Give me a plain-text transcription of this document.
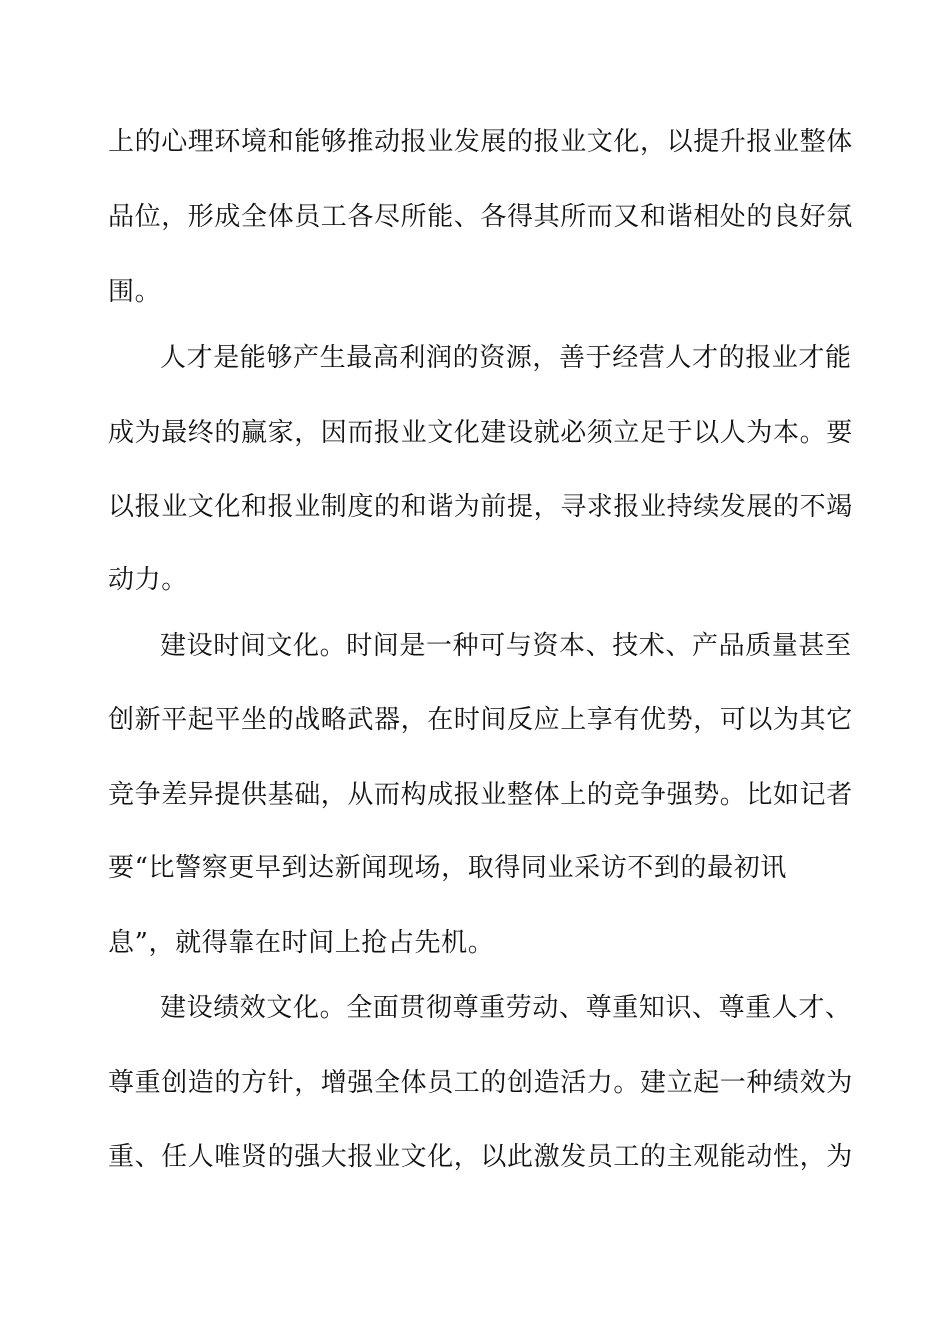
上的心理环境和能够推动报业发展的报业文化，以提升报业整体
品位，形成全体员工各尽所能、各得其所而又和谐相处的良好氛
围。
人才是能够产生最高利润的资源，善于经营人才的报业才能
成为最终的赢家，因而报业文化建设就必须立足于以人为本。要
以报业文化和报业制度的和谐为前提，寻求报业持续发展的不竭
动力。
建设时间文化。时间是一种可与资本、技术、产品质量甚至
创新平起平坐的战略武器，在时间反应上享有优势，可以为其它
竞争差异提供基础，从而构成报业整体上的竞争强势。比如记者
要“比警察更早到达新闻现场，取得同业采访不到的最初讯
息”，就得靠在时间上抢占先机。
建设绩效文化。全面贯彻尊重劳动、尊重知识、尊重人才、
尊重创造的方针，增强全体员工的创造活力。建立起一种绩效为
重、任人唯贤的强大报业文化，以此激发员工的主观能动性，为
